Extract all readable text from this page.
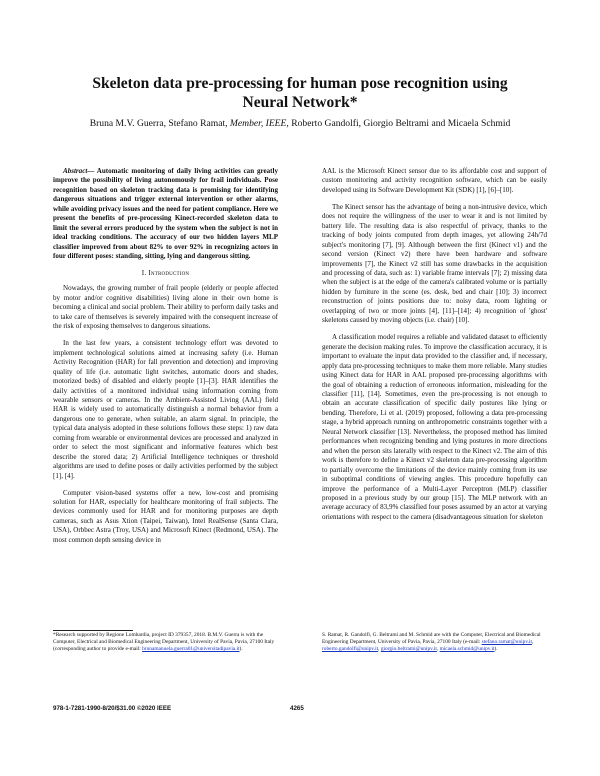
Skeleton data pre-processing for human pose recognition using Neural Network*
Bruna M.V. Guerra, Stefano Ramat, Member, IEEE, Roberto Gandolfi, Giorgio Beltrami and Micaela Schmid

Abstract— Automatic monitoring of daily living activities can greatly improve the possibility of living autonomously for frail individuals. Pose recognition based on skeleton tracking data is promising for identifying dangerous situations and trigger external intervention or other alarms, while avoiding privacy issues and the need for patient compliance. Here we present the benefits of pre-processing Kinect-recorded skeleton data to limit the several errors produced by the system when the subject is not in ideal tracking conditions. The accuracy of our two hidden layers MLP classifier improved from about 82% to over 92% in recognizing actors in four different poses: standing, sitting, lying and dangerous sitting.

I. Introduction

Nowadays, the growing number of frail people (elderly or people affected by motor and/or cognitive disabilities) living alone in their own home is becoming a clinical and social problem. Their ability to perform daily tasks and to take care of themselves is severely impaired with the consequent increase of the risk of exposing themselves to dangerous situations.

In the last few years, a consistent technology effort was devoted to implement technological solutions aimed at increasing safety (i.e. Human Activity Recognition (HAR) for fall prevention and detection) and improving quality of life (i.e. automatic light switches, automatic doors and shades, motorized beds) of disabled and elderly people [1]–[3]. HAR identifies the daily activities of a monitored individual using information coming from wearable sensors or cameras. In the Ambient-Assisted Living (AAL) field HAR is widely used to automatically distinguish a normal behavior from a dangerous one to generate, when suitable, an alarm signal. In principle, the typical data analysis adopted in these solutions follows these steps: 1) raw data coming from wearable or environmental devices are processed and analyzed in order to select the most significant and informative features which best describe the stored data; 2) Artificial Intelligence techniques or threshold algorithms are used to define poses or daily activities performed by the subject [1], [4].

Computer vision-based systems offer a new, low-cost and promising solution for HAR, especially for healthcare monitoring of frail subjects. The devices commonly used for HAR and for monitoring purposes are depth cameras, such as Asus Xtion (Taipei, Taiwan), Intel RealSense (Santa Clara, USA), Orbbec Astra (Troy, USA) and Microsoft Kinect (Redmond, USA). The most common depth sensing device in

AAL is the Microsoft Kinect sensor due to its affordable cost and support of custom monitoring and activity recognition software, which can be easily developed using its Software Development Kit (SDK) [1], [6]–[10].

The Kinect sensor has the advantage of being a non-intrusive device, which does not require the willingness of the user to wear it and is not limited by battery life. The resulting data is also respectful of privacy, thanks to the tracking of body joints computed from depth images, yet allowing 24h/7d subject's monitoring [7], [9]. Although between the first (Kinect v1) and the second version (Kinect v2) there have been hardware and software improvements [7], the Kinect v2 still has some drawbacks in the acquisition and processing of data, such as: 1) variable frame intervals [7]; 2) missing data when the subject is at the edge of the camera's calibrated volume or is partially hidden by furniture in the scene (es. desk, bed and chair [10]; 3) incorrect reconstruction of joints positions due to: noisy data, room lighting or overlapping of two or more joints [4], [11]–[14]; 4) recognition of 'ghost' skeletons caused by moving objects (i.e. chair) [10].

A classification model requires a reliable and validated dataset to efficiently generate the decision making rules. To improve the classification accuracy, it is important to evaluate the input data provided to the classifier and, if necessary, apply data pre-processing techniques to make them more reliable. Many studies using Kinect data for HAR in AAL proposed pre-processing algorithms with the goal of obtaining a reduction of erroneous information, misleading for the classifier [11], [14]. Sometimes, even the pre-processing is not enough to obtain an accurate classification of specific daily postures like lying or bending. Therefore, Li et al. (2019) proposed, following a data pre-processing stage, a hybrid approach running on anthropometric constraints together with a Neural Network classifier [13]. Nevertheless, the proposed method has limited performances when recognizing bending and lying postures in more directions and when the person sits laterally with respect to the Kinect v2. The aim of this work is therefore to define a Kinect v2 skeleton data pre-processing algorithm to partially overcome the limitations of the device mainly coming from its use in suboptimal conditions of viewing angles. This procedure hopefully can improve the performance of a Multi-Layer Perceptron (MLP) classifier proposed in a previous study by our group [15]. The MLP network with an average accuracy of 83,9% classified four poses assumed by an actor at varying orientations with respect to the camera (disadvantageous situation for skeleton

*Research supported by Regione Lombardia, project ID 379357, 2018. B.M.V. Guerra is with the Computer, Electrical and Biomedical Engineering Department, University of Pavia, Pavia, 27100 Italy (corresponding author to provide e-mail: brunamanuela.guerra01@universitadipavia.it).
S. Ramat, R. Gandolfi, G. Beltrami and M. Schmid are with the Computer, Electrical and Biomedical Engineering Department, University of Pavia, Pavia, 27100 Italy (e-mail: stefano.ramat@unipv.it, roberto.gandolfi@unipv.it, giorgio.beltrami@unipv.it, micaela.schmid@unipv.it).
978-1-7281-1990-8/20/$31.00 ©2020 IEEE	4265
